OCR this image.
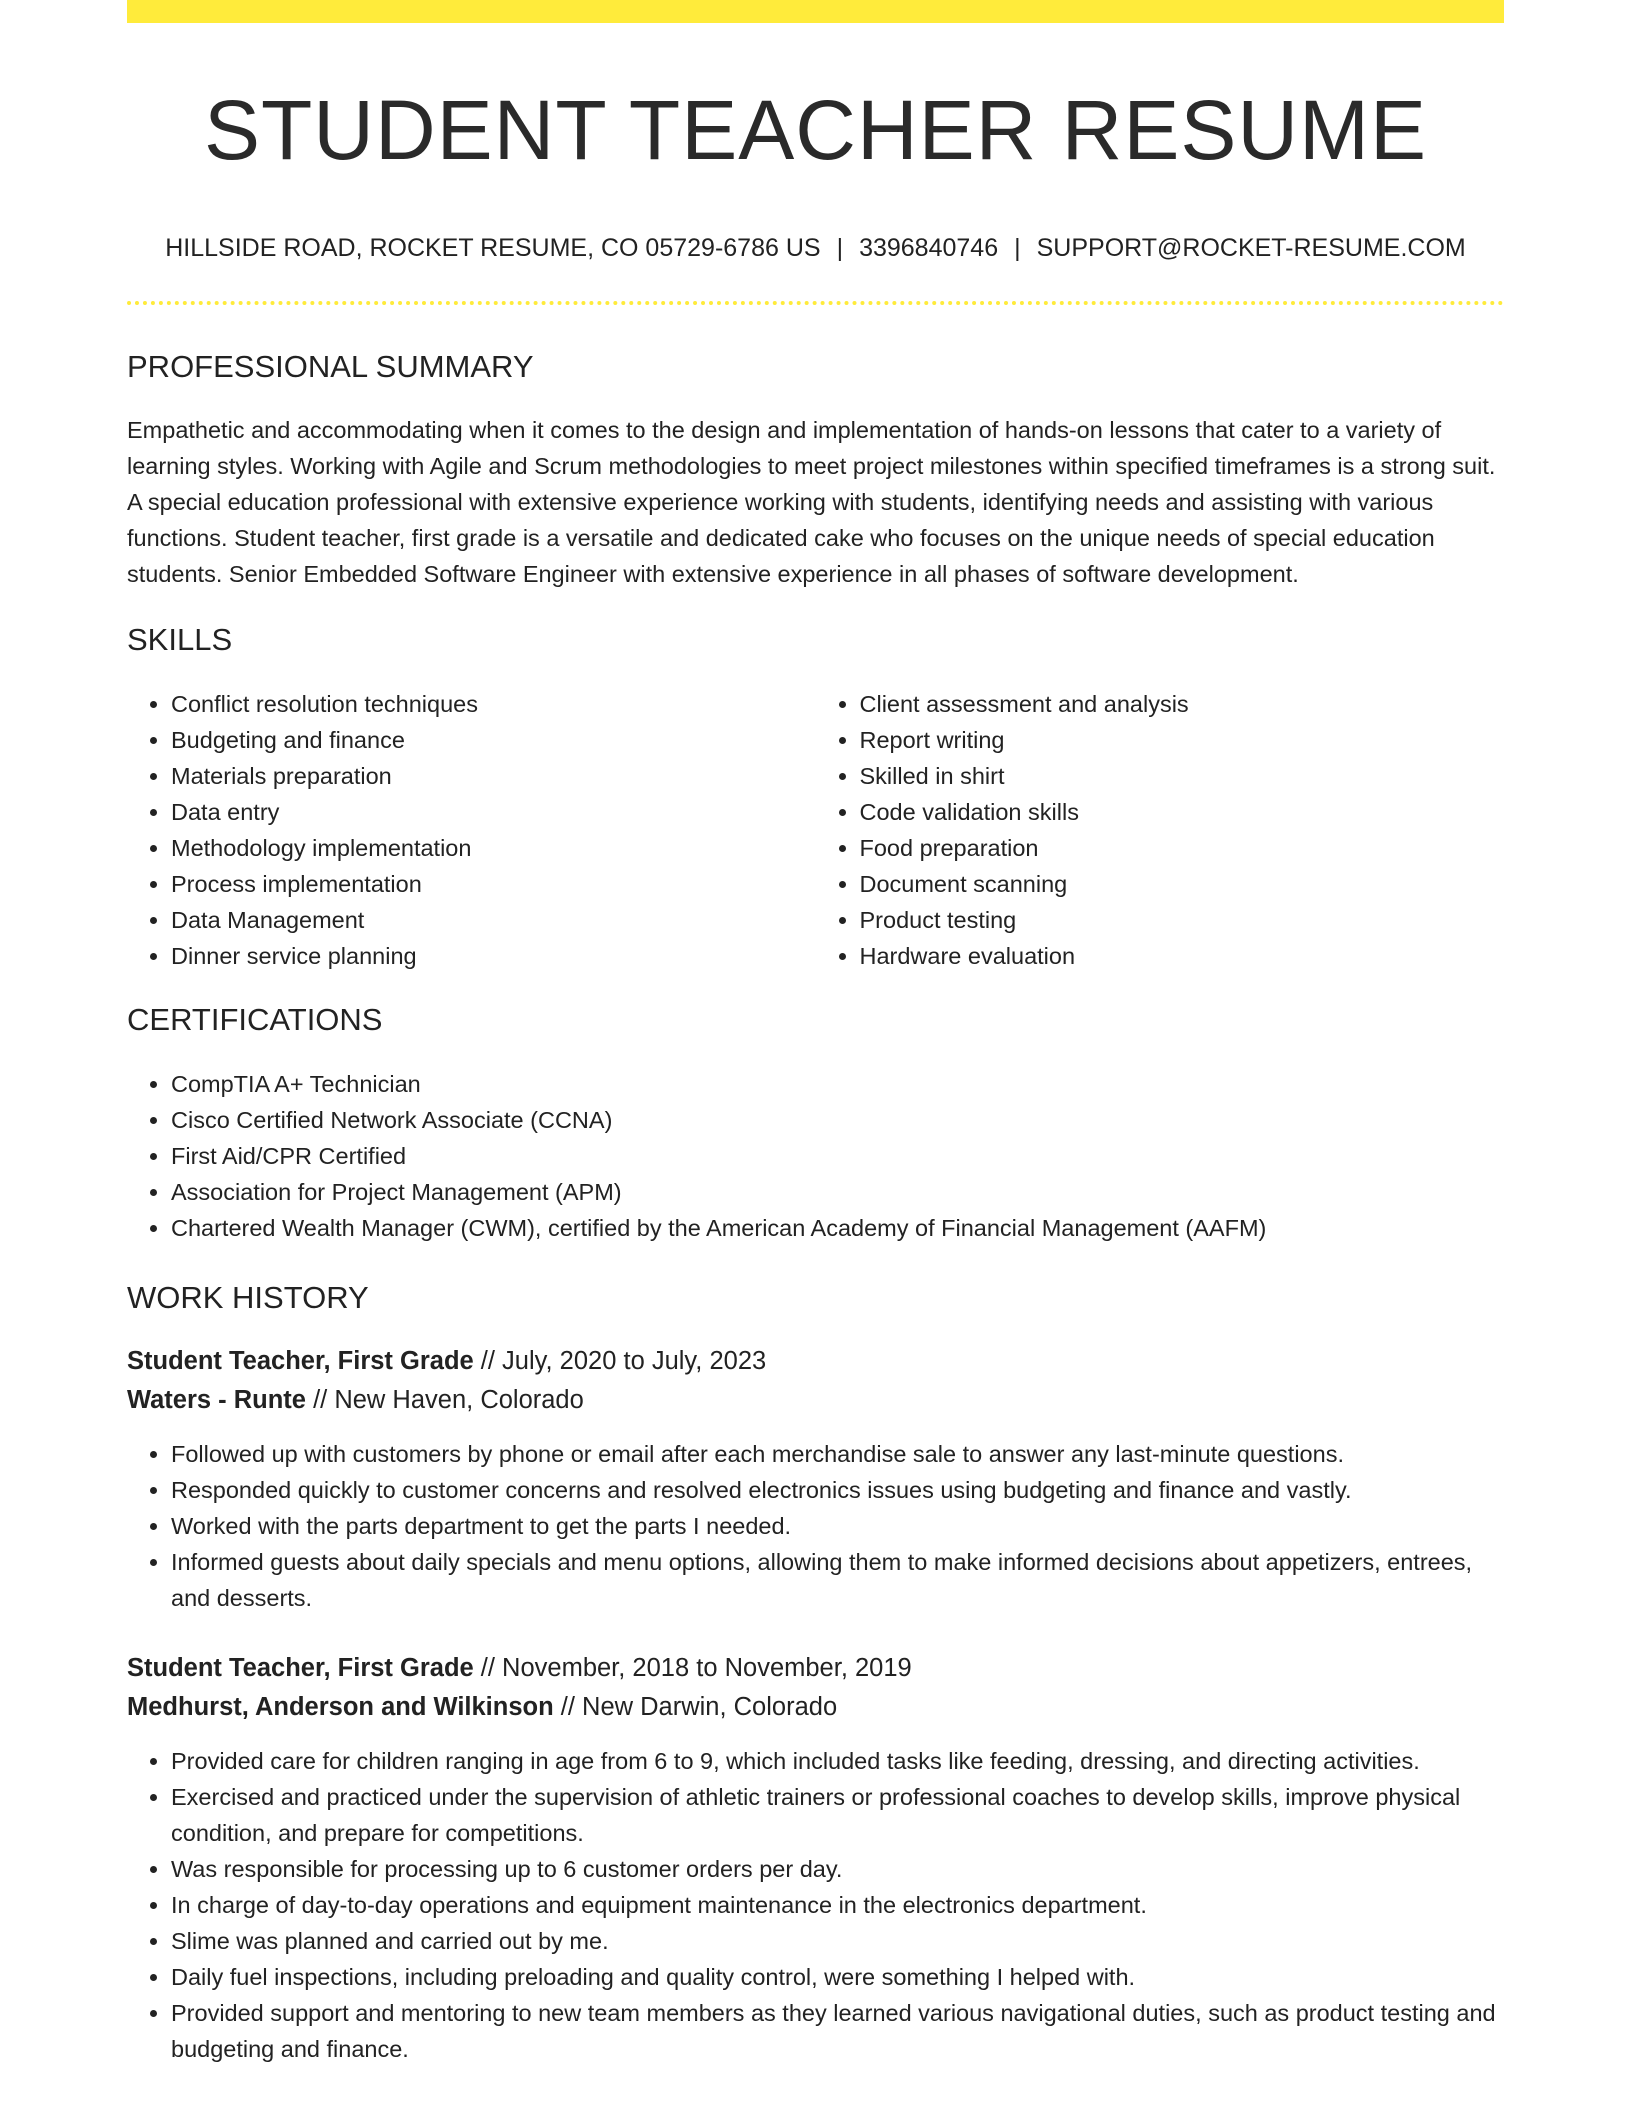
STUDENT TEACHER RESUME
HILLSIDE ROAD, ROCKET RESUME, CO 05729-6786 US | 3396840746 | SUPPORT@ROCKET-RESUME.COM
PROFESSIONAL SUMMARY

Empathetic and accommodating when it comes to the design and implementation of hands-on lessons that cater to a variety of learning styles. Working with Agile and Scrum methodologies to meet project milestones within specified timeframes is a strong suit. A special education professional with extensive experience working with students, identifying needs and assisting with various functions. Student teacher, first grade is a versatile and dedicated cake who focuses on the unique needs of special education students. Senior Embedded Software Engineer with extensive experience in all phases of software development.

SKILLS
• Conflict resolution techniques
• Budgeting and finance
• Materials preparation
• Data entry
• Methodology implementation
• Process implementation
• Data Management
• Dinner service planning
• Client assessment and analysis
• Report writing
• Skilled in shirt
• Code validation skills
• Food preparation
• Document scanning
• Product testing
• Hardware evaluation
CERTIFICATIONS
• CompTIA A+ Technician
• Cisco Certified Network Associate (CCNA)
• First Aid/CPR Certified
• Association for Project Management (APM)
• Chartered Wealth Manager (CWM), certified by the American Academy of Financial Management (AAFM)
WORK HISTORY
Student Teacher, First Grade // July, 2020 to July, 2023
Waters - Runte // New Haven, Colorado
• Followed up with customers by phone or email after each merchandise sale to answer any last-minute questions.
• Responded quickly to customer concerns and resolved electronics issues using budgeting and finance and vastly.
• Worked with the parts department to get the parts I needed.
• Informed guests about daily specials and menu options, allowing them to make informed decisions about appetizers, entrees, and desserts.
Student Teacher, First Grade // November, 2018 to November, 2019
Medhurst, Anderson and Wilkinson // New Darwin, Colorado
• Provided care for children ranging in age from 6 to 9, which included tasks like feeding, dressing, and directing activities.
• Exercised and practiced under the supervision of athletic trainers or professional coaches to develop skills, improve physical condition, and prepare for competitions.
• Was responsible for processing up to 6 customer orders per day.
• In charge of day-to-day operations and equipment maintenance in the electronics department.
• Slime was planned and carried out by me.
• Daily fuel inspections, including preloading and quality control, were something I helped with.
• Provided support and mentoring to new team members as they learned various navigational duties, such as product testing and budgeting and finance.
